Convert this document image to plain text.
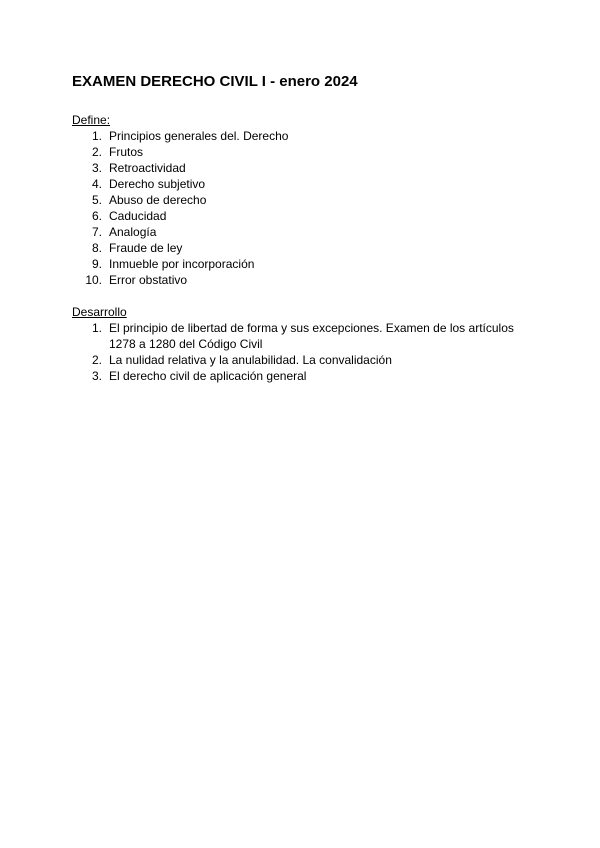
EXAMEN DERECHO CIVIL I - enero 2024
Define:
1. Principios generales del. Derecho
2. Frutos
3. Retroactividad
4. Derecho subjetivo
5. Abuso de derecho
6. Caducidad
7. Analogía
8. Fraude de ley
9. Inmueble por incorporación
10. Error obstativo
Desarrollo
1. El principio de libertad de forma y sus excepciones. Examen de los artículos 1278 a 1280 del Código Civil
2. La nulidad relativa y la anulabilidad. La convalidación
3. El derecho civil de aplicación general
